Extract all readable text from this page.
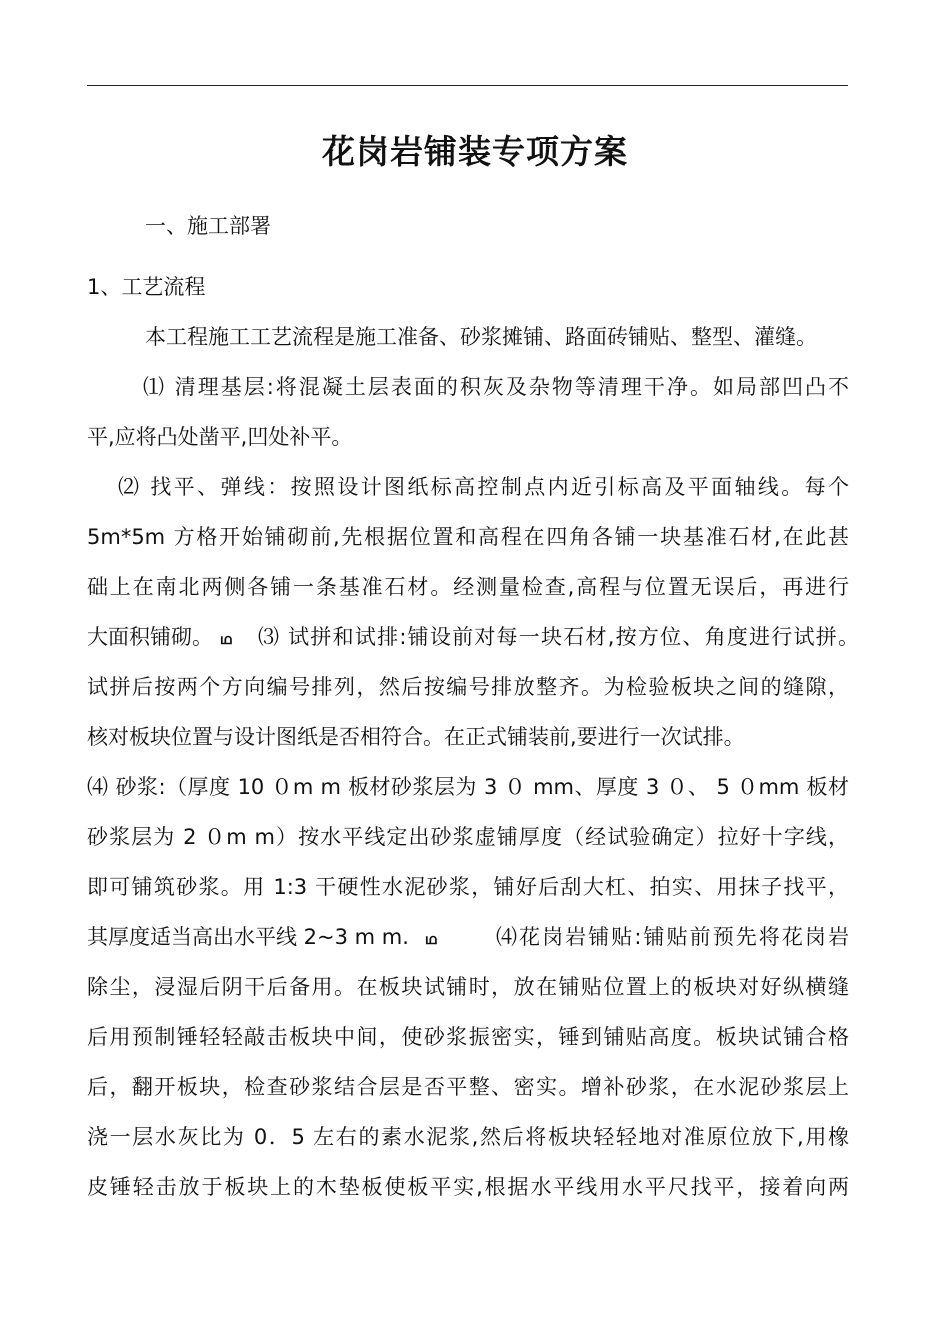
花岗岩铺装专项方案
一、施工部署
1、工艺流程
本工程施工工艺流程是施工准备、砂浆摊铺、路面砖铺贴、整型、灌缝。
⑴ 清理基层:将混凝土层表面的积灰及杂物等清理干净。如局部凹凸不
平,应将凸处凿平,凹处补平。
⑵ 找平、弹线：按照设计图纸标高控制点内近引标高及平面轴线。每个
5m*5m 方格开始铺砌前,先根据位置和高程在四角各铺一块基准石材,在此甚
础上在南北两侧各铺一条基准石材。经测量检查,高程与位置无误后，再进行
大面积铺砌。 ഥ	⑶ 试拼和试排:铺设前对每一块石材,按方位、角度进行试拼。
试拼后按两个方向编号排列，然后按编号排放整齐。为检验板块之间的缝隙，
核对板块位置与设计图纸是否相符合。在正式铺装前,要进行一次试排。
⑷ 砂浆:（厚度 10 ０m m 板材砂浆层为 3 ０ mm、厚度 3 ０、 5 ０mm 板材
砂浆层为 2 ０m m）按水平线定出砂浆虚铺厚度（经试验确定）拉好十字线，
即可铺筑砂浆。用 1:3 干硬性水泥砂浆，铺好后刮大杠、拍实、用抹子找平，
其厚度适当高出水平线 2~3 m m. ഥ	⑷花岗岩铺贴:铺贴前预先将花岗岩
除尘，浸湿后阴干后备用。在板块试铺时，放在铺贴位置上的板块对好纵横缝
后用预制锤轻轻敲击板块中间，使砂浆振密实，锤到铺贴高度。板块试铺合格
后，翻开板块，检查砂浆结合层是否平整、密实。增补砂浆，在水泥砂浆层上
浇一层水灰比为 0．5 左右的素水泥浆,然后将板块轻轻地对准原位放下,用橡
皮锤轻击放于板块上的木垫板使板平实,根据水平线用水平尺找平，接着向两
